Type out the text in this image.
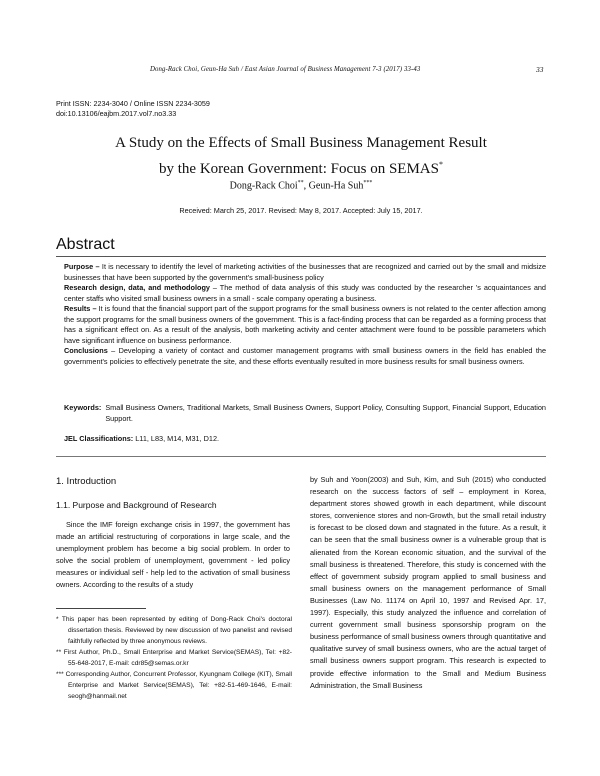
Dong-Rack Choi, Geun-Ha Suh / East Asian Journal of Business Management 7-3 (2017) 33-43	33
Print ISSN: 2234-3040 / Online ISSN 2234-3059
doi:10.13106/eajbm.2017.vol7.no3.33
A Study on the Effects of Small Business Management Result
by the Korean Government: Focus on SEMAS*
Dong-Rack Choi**, Geun-Ha Suh***
Received: March 25, 2017. Revised: May 8, 2017. Accepted: July 15, 2017.
Abstract

Purpose – It is necessary to identify the level of marketing activities of the businesses that are recognized and carried out by the small and midsize businesses that have been supported by the government's small-business policy

Research design, data, and methodology – The method of data analysis of this study was conducted by the researcher 's acquaintances and center staffs who visited small business owners in a small - scale company operating a business.

Results – It is found that the financial support part of the support programs for the small business owners is not related to the center affection among the support programs for the small business owners of the government. This is a fact-finding process that can be regarded as a forming process that has a significant effect on. As a result of the analysis, both marketing activity and center attachment were found to be possible parameters which have significant influence on business performance.

Conclusions – Developing a variety of contact and customer management programs with small business owners in the field has enabled the government's policies to effectively penetrate the site, and these efforts eventually resulted in more business results for small business owners.

Keywords: Small Business Owners, Traditional Markets, Small Business Owners, Support Policy, Consulting Support, Financial Support, Education Support.
JEL Classifications: L11, L83, M14, M31, D12.
1. Introduction
1.1. Purpose and Background of Research

Since the IMF foreign exchange crisis in 1997, the government has made an artificial restructuring of corporations in large scale, and the unemployment problem has become a big social problem. In order to solve the social problem of unemployment, government - led policy measures or individual self - help led to the activation of small business owners. According to the results of a study

* This paper has been represented by editing of Dong-Rack Choi's doctoral dissertation thesis. Reviewed by new discussion of two panelist and revised faithfully reflected by three anonymous reviews.

** First Author, Ph.D., Small Enterprise and Market Service(SEMAS), Tel: +82-55-648-2017, E-mail: cdr85@semas.or.kr

*** Corresponding Author, Concurrent Professor, Kyungnam College (KIT), Small Enterprise and Market Service(SEMAS), Tel: +82-51-469-1646, E-mail: seogh@hanmail.net

by Suh and Yoon(2003) and Suh, Kim, and Suh (2015) who conducted research on the success factors of self – employment in Korea, department stores showed growth in each department, while discount stores, convenience stores and non-Growth, but the small retail industry is forecast to be closed down and stagnated in the future. As a result, it can be seen that the small business owner is a vulnerable group that is alienated from the Korean economic situation, and the survival of the small business is threatened. Therefore, this study is concerned with the effect of government subsidy program applied to small business and small business owners on the management performance of Small Businesses (Law No. 11174 on April 10, 1997 and Revised Apr. 17, 1997). Especially, this study analyzed the influence and correlation of current government small business sponsorship program on the business performance of small business owners through quantitative and qualitative survey of small business owners, who are the actual target of small business owners support program. This research is expected to provide effective information to the Small and Medium Business Administration, the Small Business
